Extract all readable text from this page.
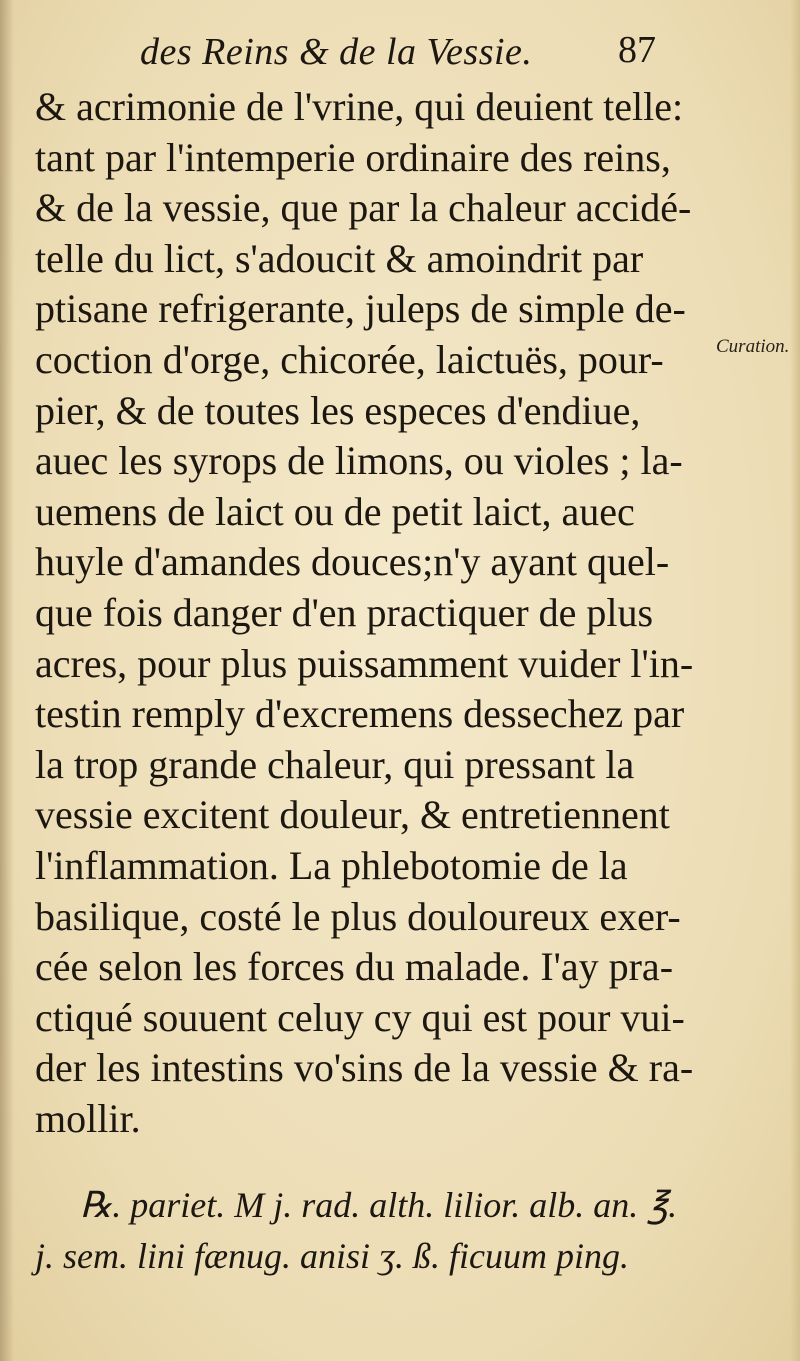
des Reins & de la Vessie. 87
& acrimonie de l'vrine, qui deuient telle:
tant par l'intemperie ordinaire des reins,
& de la vessie, que par la chaleur accidé-
telle du lict, s'adoucit & amoindrit par
ptisane refrigerante, juleps de simple de-
coction d'orge, chicorée, laictuës, pour-
pier, & de toutes les especes d'endiue,
auec les syrops de limons, ou violes ; la-
uemens de laict ou de petit laict, auec
huyle d'amandes douces;n'y ayant quel-
que fois danger d'en practiquer de plus
acres, pour plus puissamment vuider l'in-
testin remply d'excremens dessechez par
la trop grande chaleur, qui pressant la
vessie excitent douleur, & entretiennent
l'inflammation. La phlebotomie de la
basilique, costé le plus douloureux exer-
cée selon les forces du malade. I'ay pra-
ctiqué souuent celuy cy qui est pour vui-
der les intestins vo'sins de la vessie & ra-
mollir.
Curation.
℞. pariet. M j. rad. alth. lilior. alb. an. ℥.
j. sem. lini fænug. anisi ʒ. ß. ficuum ping.
